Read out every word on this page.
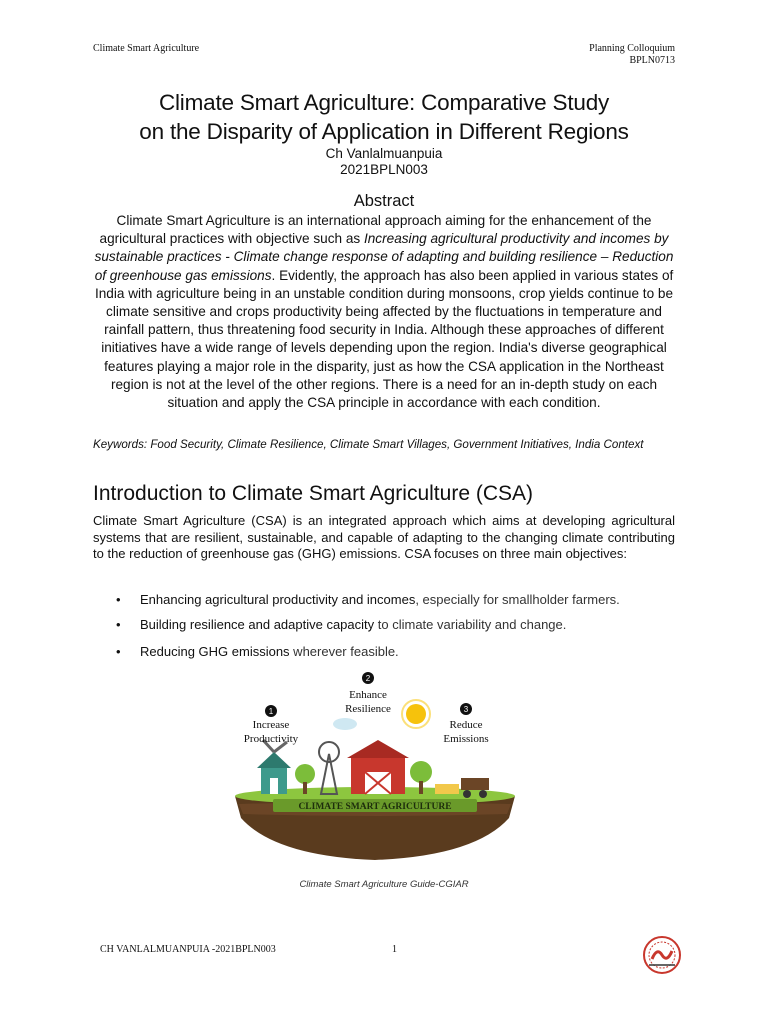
Climate Smart Agriculture	Planning Colloquium
BPLN0713
Climate Smart Agriculture: Comparative Study
on the Disparity of Application in Different Regions
Ch Vanlalmuanpuia
2021BPLN003
Abstract
Climate Smart Agriculture is an international approach aiming for the enhancement of the agricultural practices with objective such as Increasing agricultural productivity and incomes by sustainable practices - Climate change response of adapting and building resilience – Reduction of greenhouse gas emissions. Evidently, the approach has also been applied in various states of India with agriculture being in an unstable condition during monsoons, crop yields continue to be climate sensitive and crops productivity being affected by the fluctuations in temperature and rainfall pattern, thus threatening food security in India. Although these approaches of different initiatives have a wide range of levels depending upon the region. India's diverse geographical features playing a major role in the disparity, just as how the CSA application in the Northeast region is not at the level of the other regions. There is a need for an in-depth study on each situation and apply the CSA principle in accordance with each condition.
Keywords: Food Security, Climate Resilience, Climate Smart Villages, Government Initiatives, India Context
Introduction to Climate Smart Agriculture (CSA)
Climate Smart Agriculture (CSA) is an integrated approach which aims at developing agricultural systems that are resilient, sustainable, and capable of adapting to the changing climate contributing to the reduction of greenhouse gas (GHG) emissions. CSA focuses on three main objectives:
• Enhancing agricultural productivity and incomes, especially for smallholder farmers.
• Building resilience and adaptive capacity to climate variability and change.
• Reducing GHG emissions wherever feasible.
CLIMATE SMART AGRICULTURE
1
Increase
Productivity
2
Enhance
Resilience	3
Reduce
Emissions
Climate Smart Agriculture Guide-CGIAR
CH VANLALMUANPUIA -2021BPLN003	1
